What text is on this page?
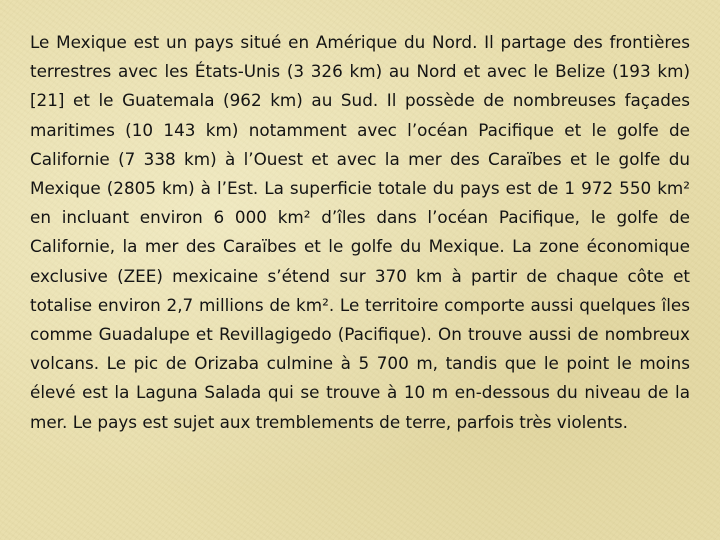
Le Mexique est un pays situé en Amérique du Nord. Il partage des frontières terrestres avec les États-Unis (3 326 km) au Nord et avec le Belize (193 km)[21] et le Guatemala (962 km) au Sud. Il possède de nombreuses façades maritimes (10 143 km) notamment avec l’océan Pacifique et le golfe de Californie (7 338 km) à l’Ouest et avec la mer des Caraïbes et le golfe du Mexique (2805 km) à l’Est. La superficie totale du pays est de 1 972 550 km² en incluant environ 6 000 km² d’îles dans l’océan Pacifique, le golfe de Californie, la mer des Caraïbes et le golfe du Mexique. La zone économique exclusive (ZEE) mexicaine s’étend sur 370 km à partir de chaque côte et totalise environ 2,7 millions de km². Le territoire comporte aussi quelques îles comme Guadalupe et Revillagigedo (Pacifique). On trouve aussi de nombreux volcans. Le pic de Orizaba culmine à 5 700 m, tandis que le point le moins élevé est la Laguna Salada qui se trouve à 10 m en-dessous du niveau de la mer. Le pays est sujet aux tremblements de terre, parfois très violents.
